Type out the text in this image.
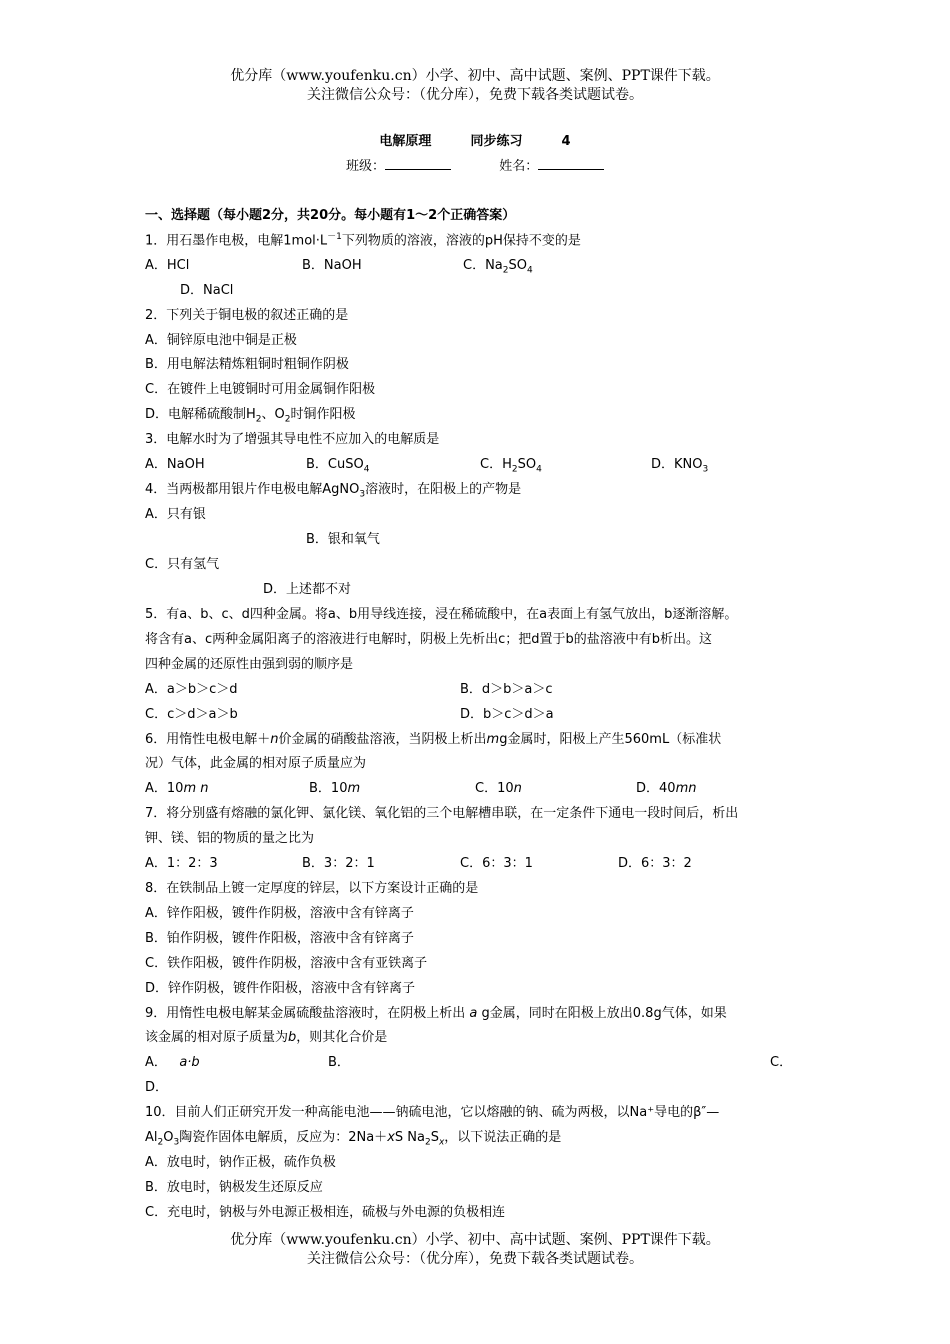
优分库（www.youfenku.cn）小学、初中、高中试题、案例、PPT课件下载。
关注微信公众号：（优分库），免费下载各类试题试卷。
电解原理	同步练习	4
班级：	姓名：
一、选择题（每小题2分，共20分。每小题有1～2个正确答案）
1．用石墨作电极，电解$1mol\cdot L^{-1}$下列物质的溶液，溶液的pH保持不变的是
A．HCl	B．NaOH	C．$Na_2SO_4$
D．NaCl
2．下列关于铜电极的叙述正确的是
A．铜锌原电池中铜是正极
B．用电解法精炼粗铜时粗铜作阴极
C．在镀件上电镀铜时可用金属铜作阳极
D．电解稀硫酸制$H_2$、$O_2$时铜作阳极
3．电解水时为了增强其导电性不应加入的电解质是
A．NaOH	B．CuSO$_4$	C．$H_2SO_4$	D．$KNO_3$
4．当两极都用银片作电极电解AgNO$_3$溶液时，在阳极上的产物是
A．只有银
B．银和氧气
C．只有氢气
D．上述都不对
5．有a、b、c、d四种金属。将a、b用导线连接，浸在稀硫酸中，在a表面上有氢气放出，b逐渐溶解。
将含有a、c两种金属阳离子的溶液进行电解时，阴极上先析出c；把d置于b的盐溶液中有b析出。这
四种金属的还原性由强到弱的顺序是
A．a＞b＞c＞d	B．d＞b＞a＞c
C．c＞d＞a＞b	D．b＞c＞d＞a
6．用惰性电极电解＋n价金属的硝酸盐溶液，当阴极上析出mg金属时，阳极上产生560mL（标准状
况）气体，此金属的相对原子质量应为
A．10m n	B．10m	C．10n	D．40mn
7．将分别盛有熔融的氯化钾、氯化镁、氧化铝的三个电解槽串联，在一定条件下通电一段时间后，析出
钾、镁、铝的物质的量之比为
A．1：2：3	B．3：2：1	C．6：3：1	D．6：3：2
8．在铁制品上镀一定厚度的锌层，以下方案设计正确的是
A．锌作阳极，镀件作阴极，溶液中含有锌离子
B．铂作阴极，镀件作阳极，溶液中含有锌离子
C．铁作阳极，镀件作阴极，溶液中含有亚铁离子
D．锌作阴极，镀件作阳极，溶液中含有锌离子
9．用惰性电极电解某金属硫酸盐溶液时，在阴极上析出 a g金属，同时在阳极上放出0.8g气体，如果
该金属的相对原子质量为b，则其化合价是
A． a·b	B．	C．
D．
10．目前人们正研究开发一种高能电池——钠硫电池，它以熔融的钠、硫为两极，以Na⁺导电的β″—
$Al_2O_3$陶瓷作固体电解质，反应为：2Na＋xS $Na_2S_x$，以下说法正确的是
A．放电时，钠作正极，硫作负极
B．放电时，钠极发生还原反应
C．充电时，钠极与外电源正极相连，硫极与外电源的负极相连
优分库（www.youfenku.cn）小学、初中、高中试题、案例、PPT课件下载。
关注微信公众号：（优分库），免费下载各类试题试卷。
